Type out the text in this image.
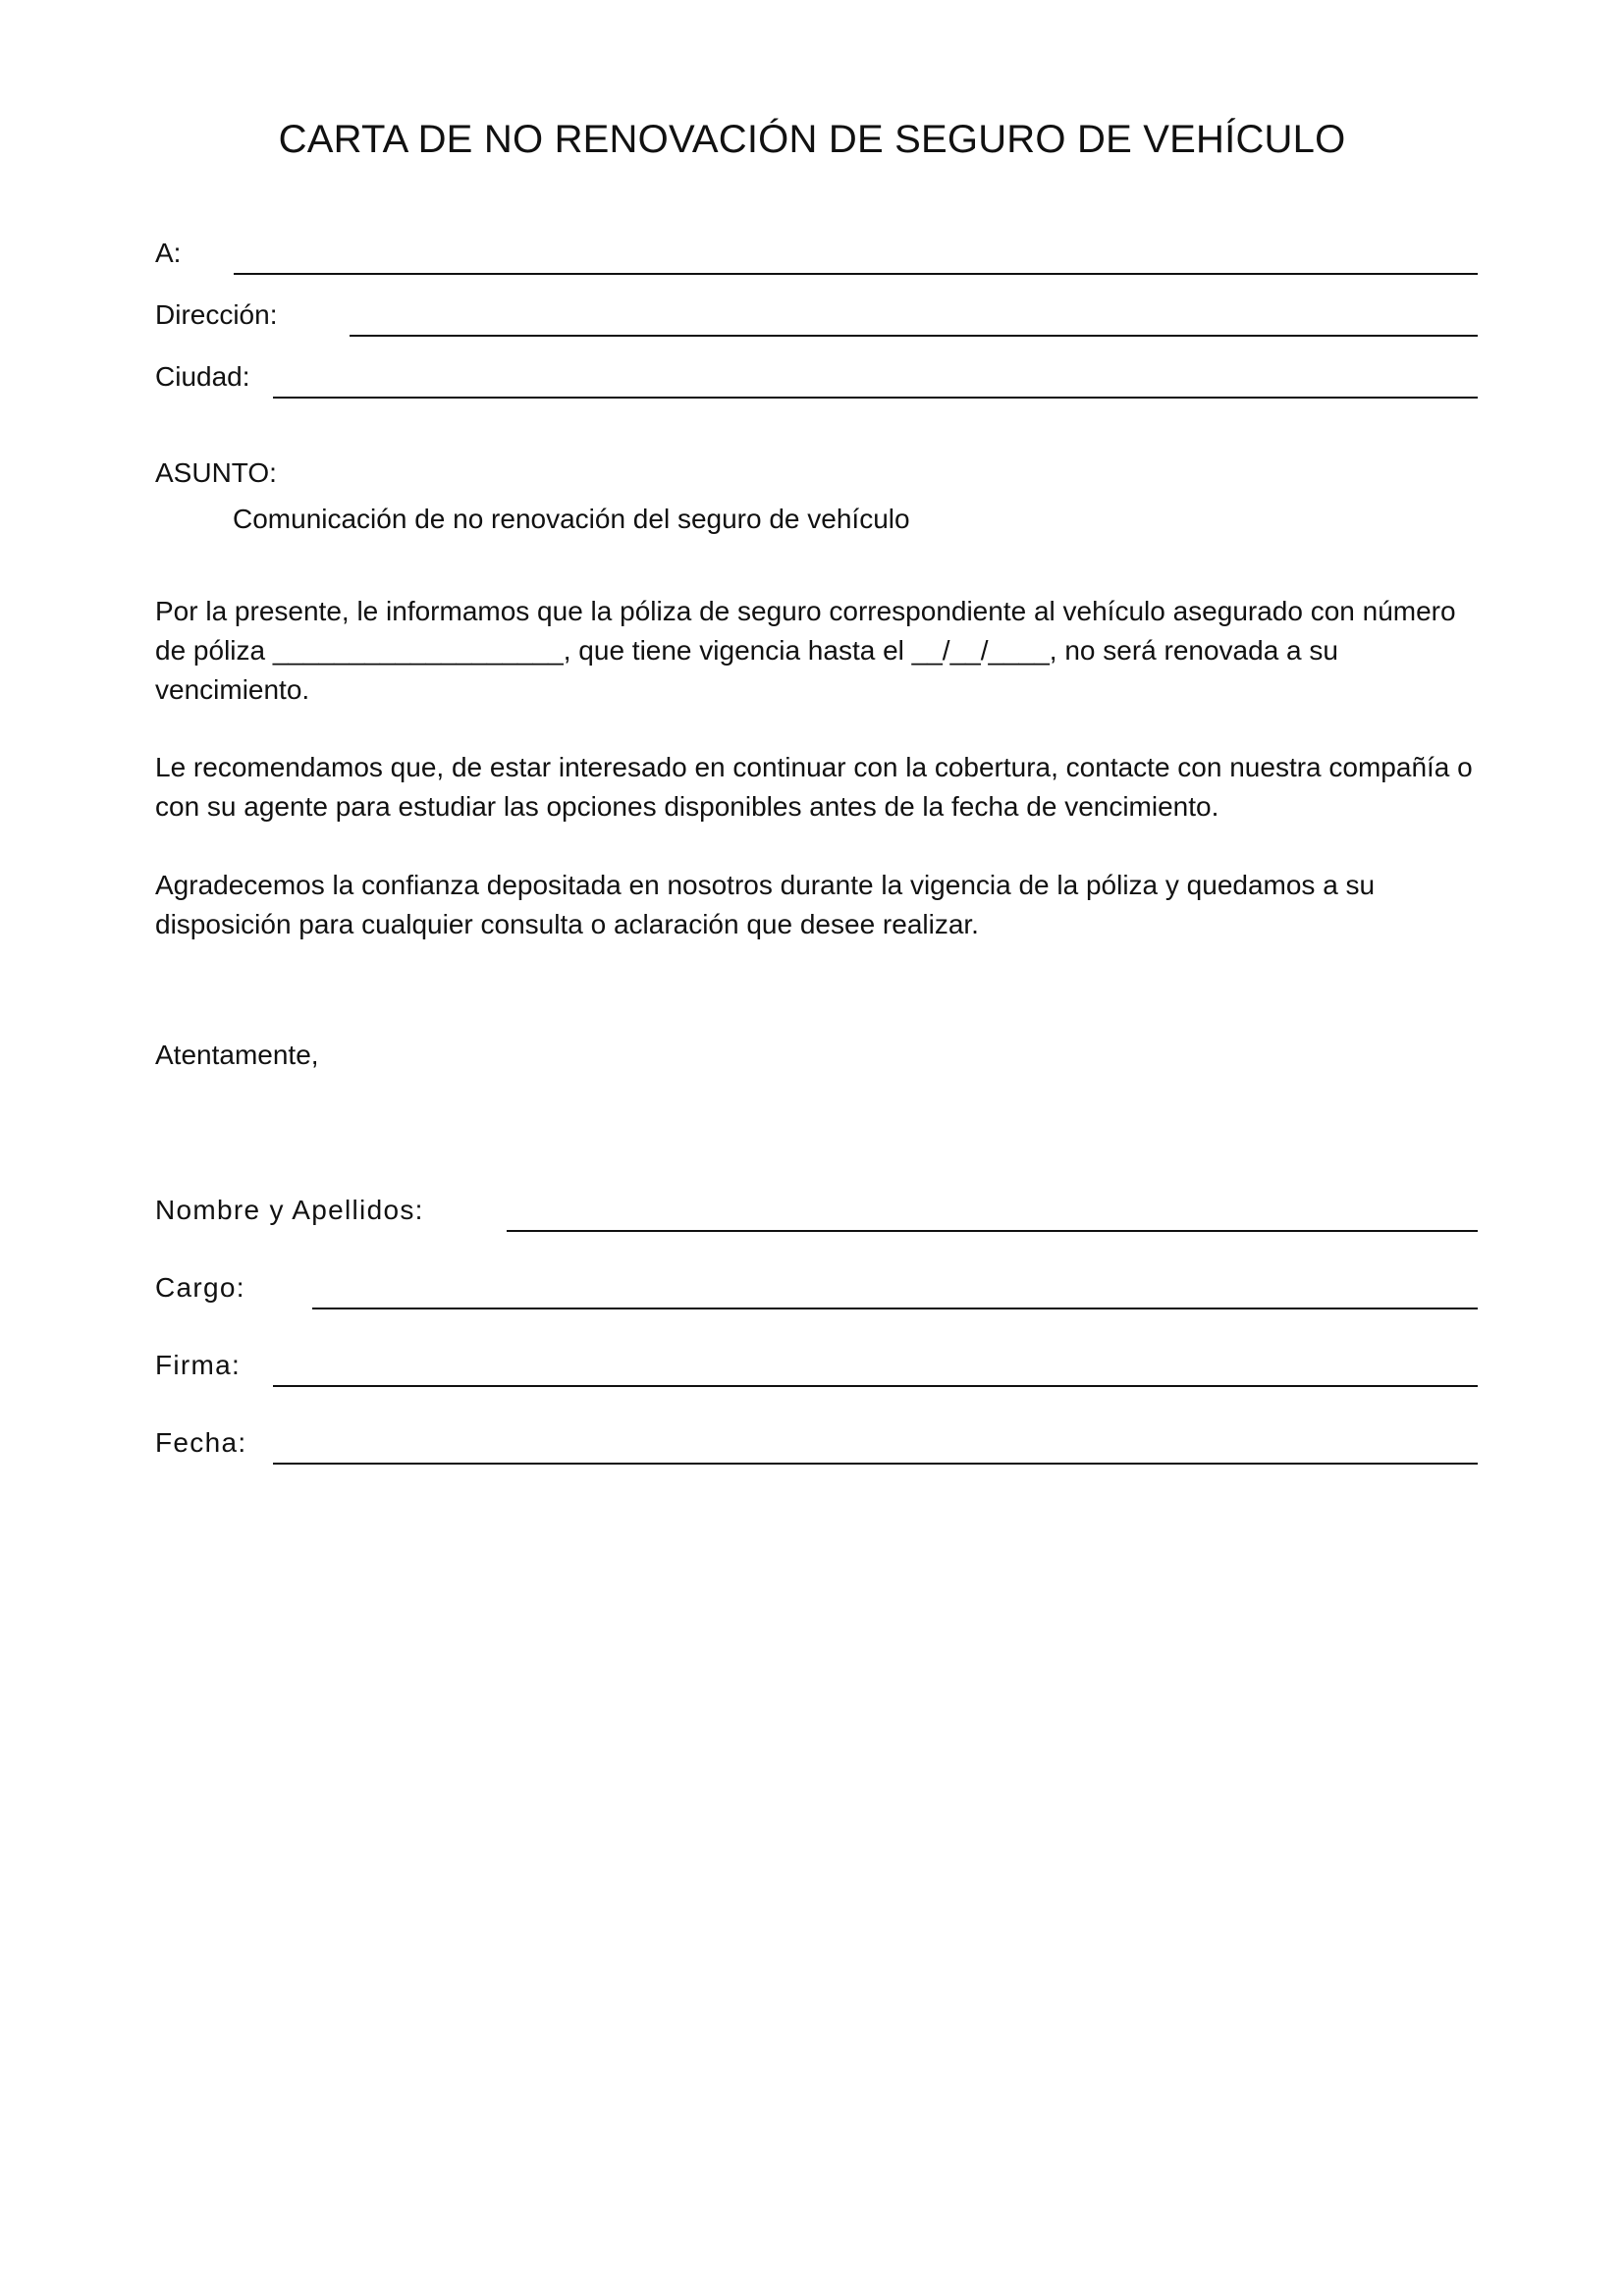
CARTA DE NO RENOVACIÓN DE SEGURO DE VEHÍCULO
A:
Dirección:
Ciudad:
ASUNTO:
Comunicación de no renovación del seguro de vehículo

Por la presente, le informamos que la póliza de seguro correspondiente al vehículo asegurado con número de póliza ___________________, que tiene vigencia hasta el __/__/____, no será renovada a su vencimiento.

Le recomendamos que, de estar interesado en continuar con la cobertura, contacte con nuestra compañía o con su agente para estudiar las opciones disponibles antes de la fecha de vencimiento.

Agradecemos la confianza depositada en nosotros durante la vigencia de la póliza y quedamos a su disposición para cualquier consulta o aclaración que desee realizar.

Atentamente,
Nombre y Apellidos:
Cargo:
Firma:
Fecha:
